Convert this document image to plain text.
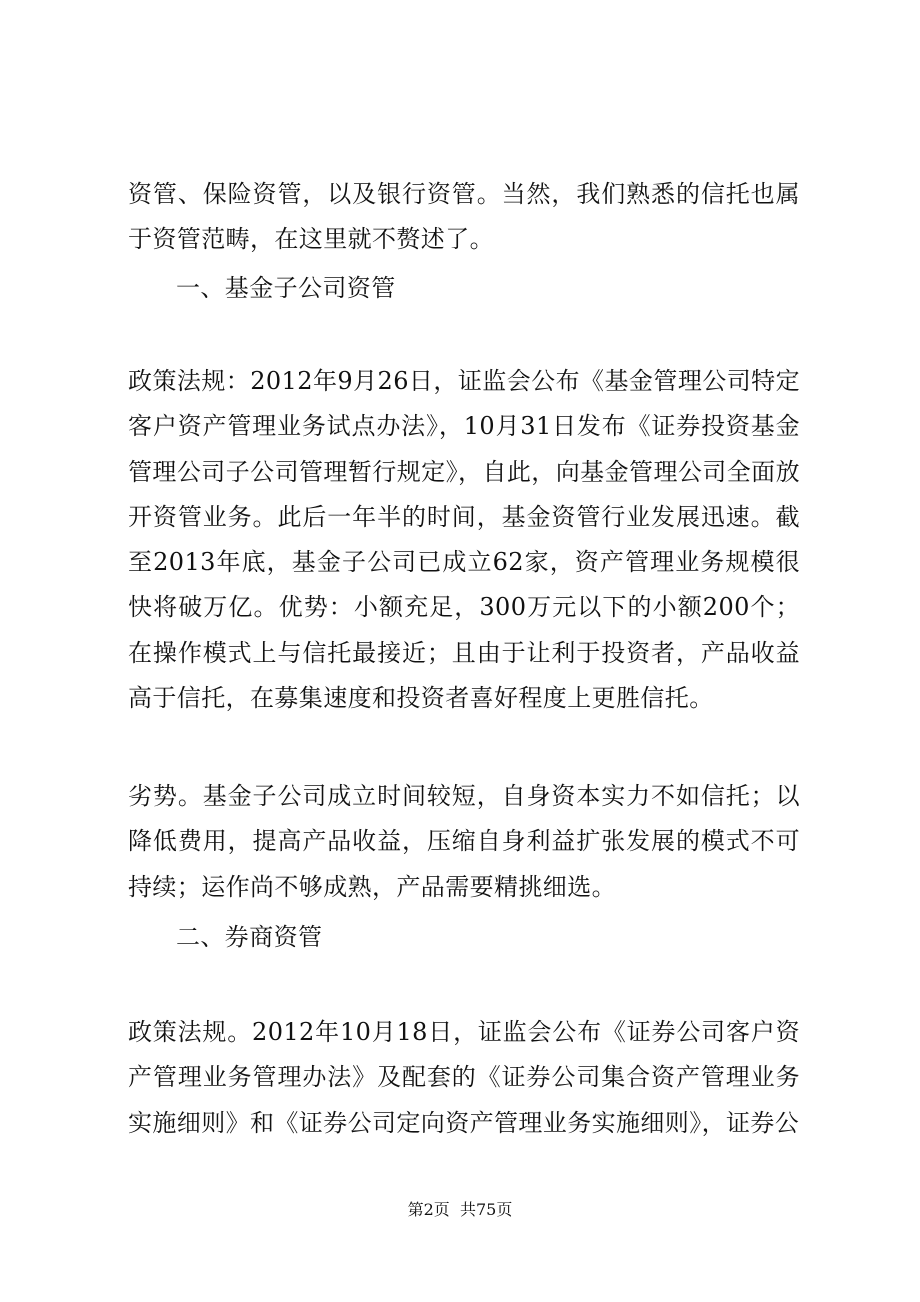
资管、保险资管，以及银行资管。当然，我们熟悉的信托也属于资管范畴，在这里就不赘述了。

一、基金子公司资管

政策法规：2012年9月26日，证监会公布《基金管理公司特定客户资产管理业务试点办法》，10月31日发布《证券投资基金管理公司子公司管理暂行规定》，自此，向基金管理公司全面放开资管业务。此后一年半的时间，基金资管行业发展迅速。截至2013年底，基金子公司已成立62家，资产管理业务规模很快将破万亿。优势：小额充足，300万元以下的小额200个；在操作模式上与信托最接近；且由于让利于投资者，产品收益高于信托，在募集速度和投资者喜好程度上更胜信托。

劣势。基金子公司成立时间较短，自身资本实力不如信托；以降低费用，提高产品收益，压缩自身利益扩张发展的模式不可持续；运作尚不够成熟，产品需要精挑细选。

二、券商资管

政策法规。2012年10月18日，证监会公布《证券公司客户资产管理业务管理办法》及配套的《证券公司集合资产管理业务实施细则》和《证券公司定向资产管理业务实施细则》，证券公

第2页 共75页
